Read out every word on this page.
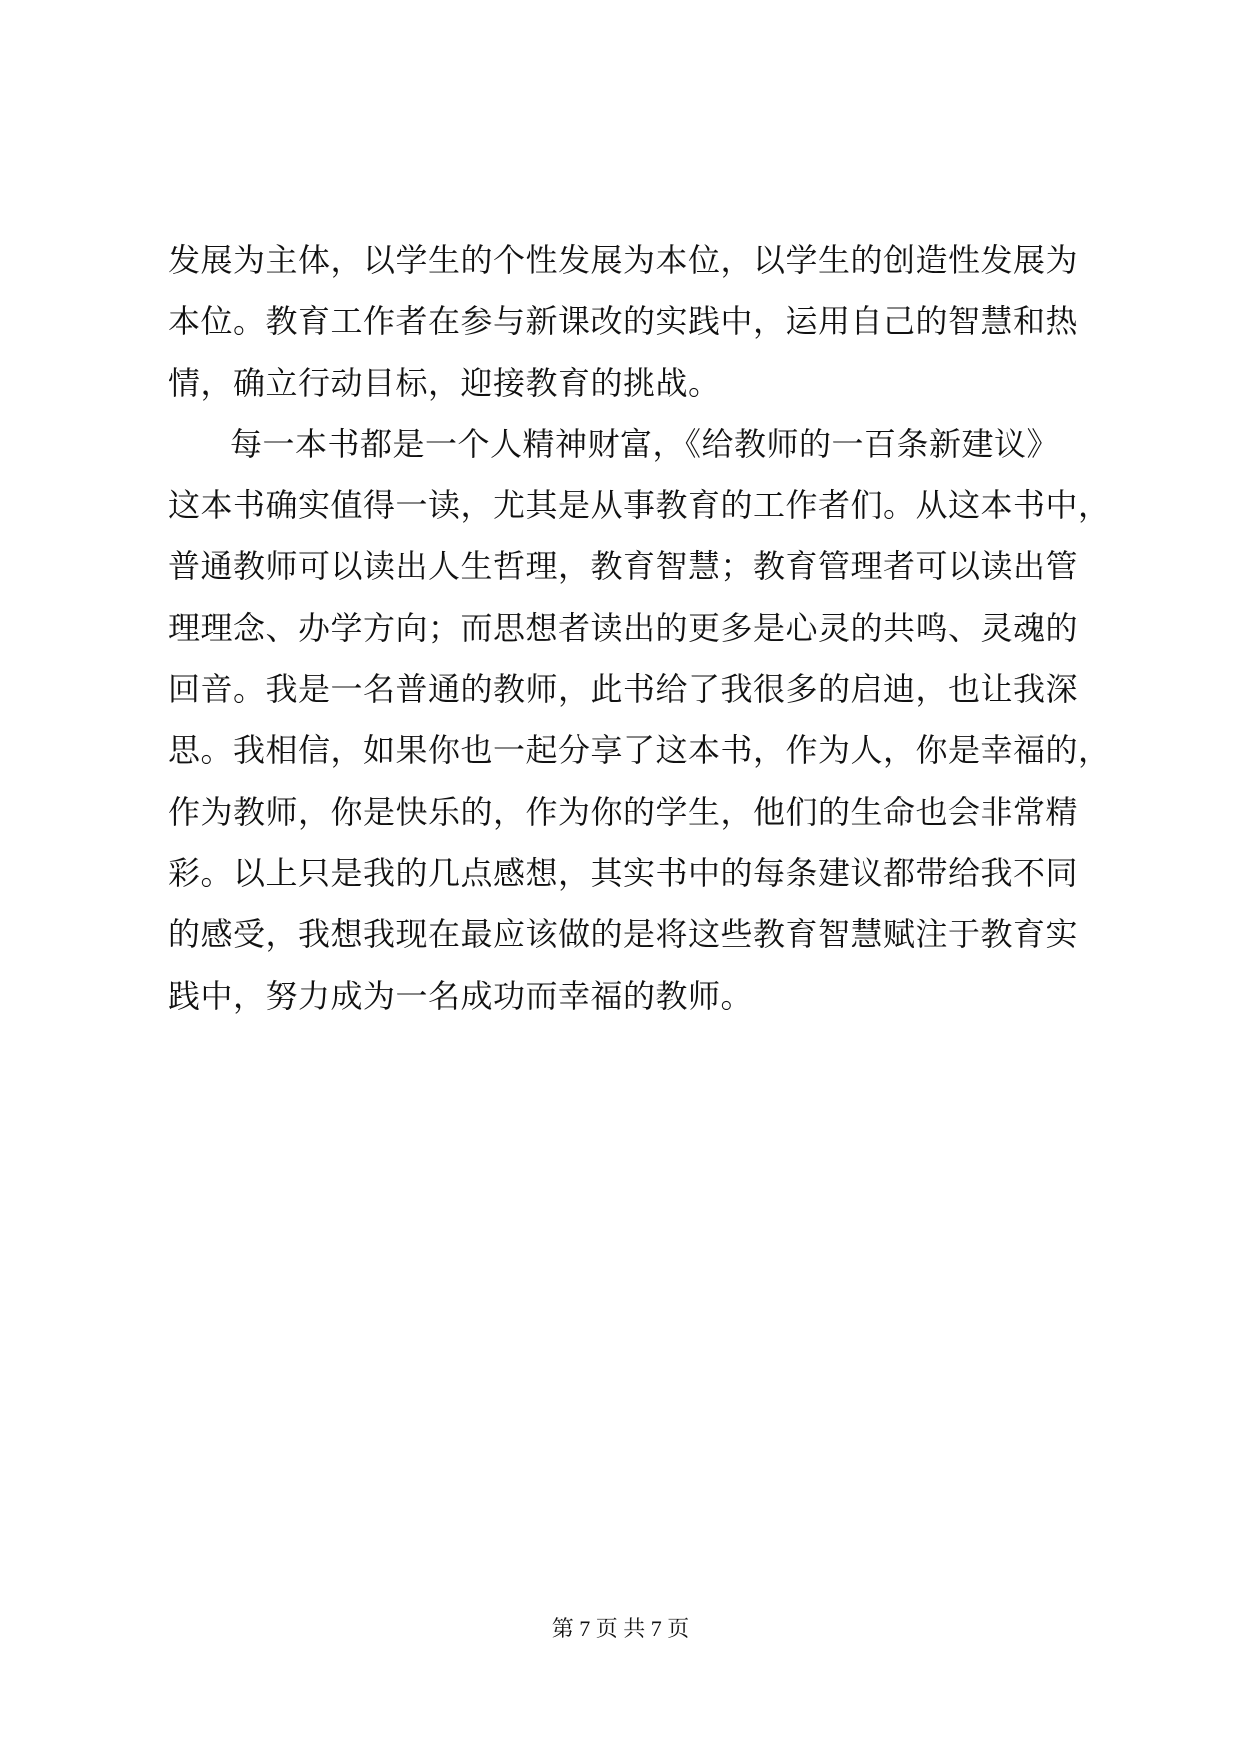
发展为主体，以学生的个性发展为本位，以学生的创造性发展为
本位。教育工作者在参与新课改的实践中，运用自己的智慧和热
情，确立行动目标，迎接教育的挑战。
每一本书都是一个人精神财富，《给教师的一百条新建议》
这本书确实值得一读，尤其是从事教育的工作者们。从这本书中，
普通教师可以读出人生哲理，教育智慧；教育管理者可以读出管
理理念、办学方向；而思想者读出的更多是心灵的共鸣、灵魂的
回音。我是一名普通的教师，此书给了我很多的启迪，也让我深
思。我相信，如果你也一起分享了这本书，作为人，你是幸福的，
作为教师，你是快乐的，作为你的学生，他们的生命也会非常精
彩。以上只是我的几点感想，其实书中的每条建议都带给我不同
的感受，我想我现在最应该做的是将这些教育智慧赋注于教育实
践中，努力成为一名成功而幸福的教师。
第 7 页 共 7 页
